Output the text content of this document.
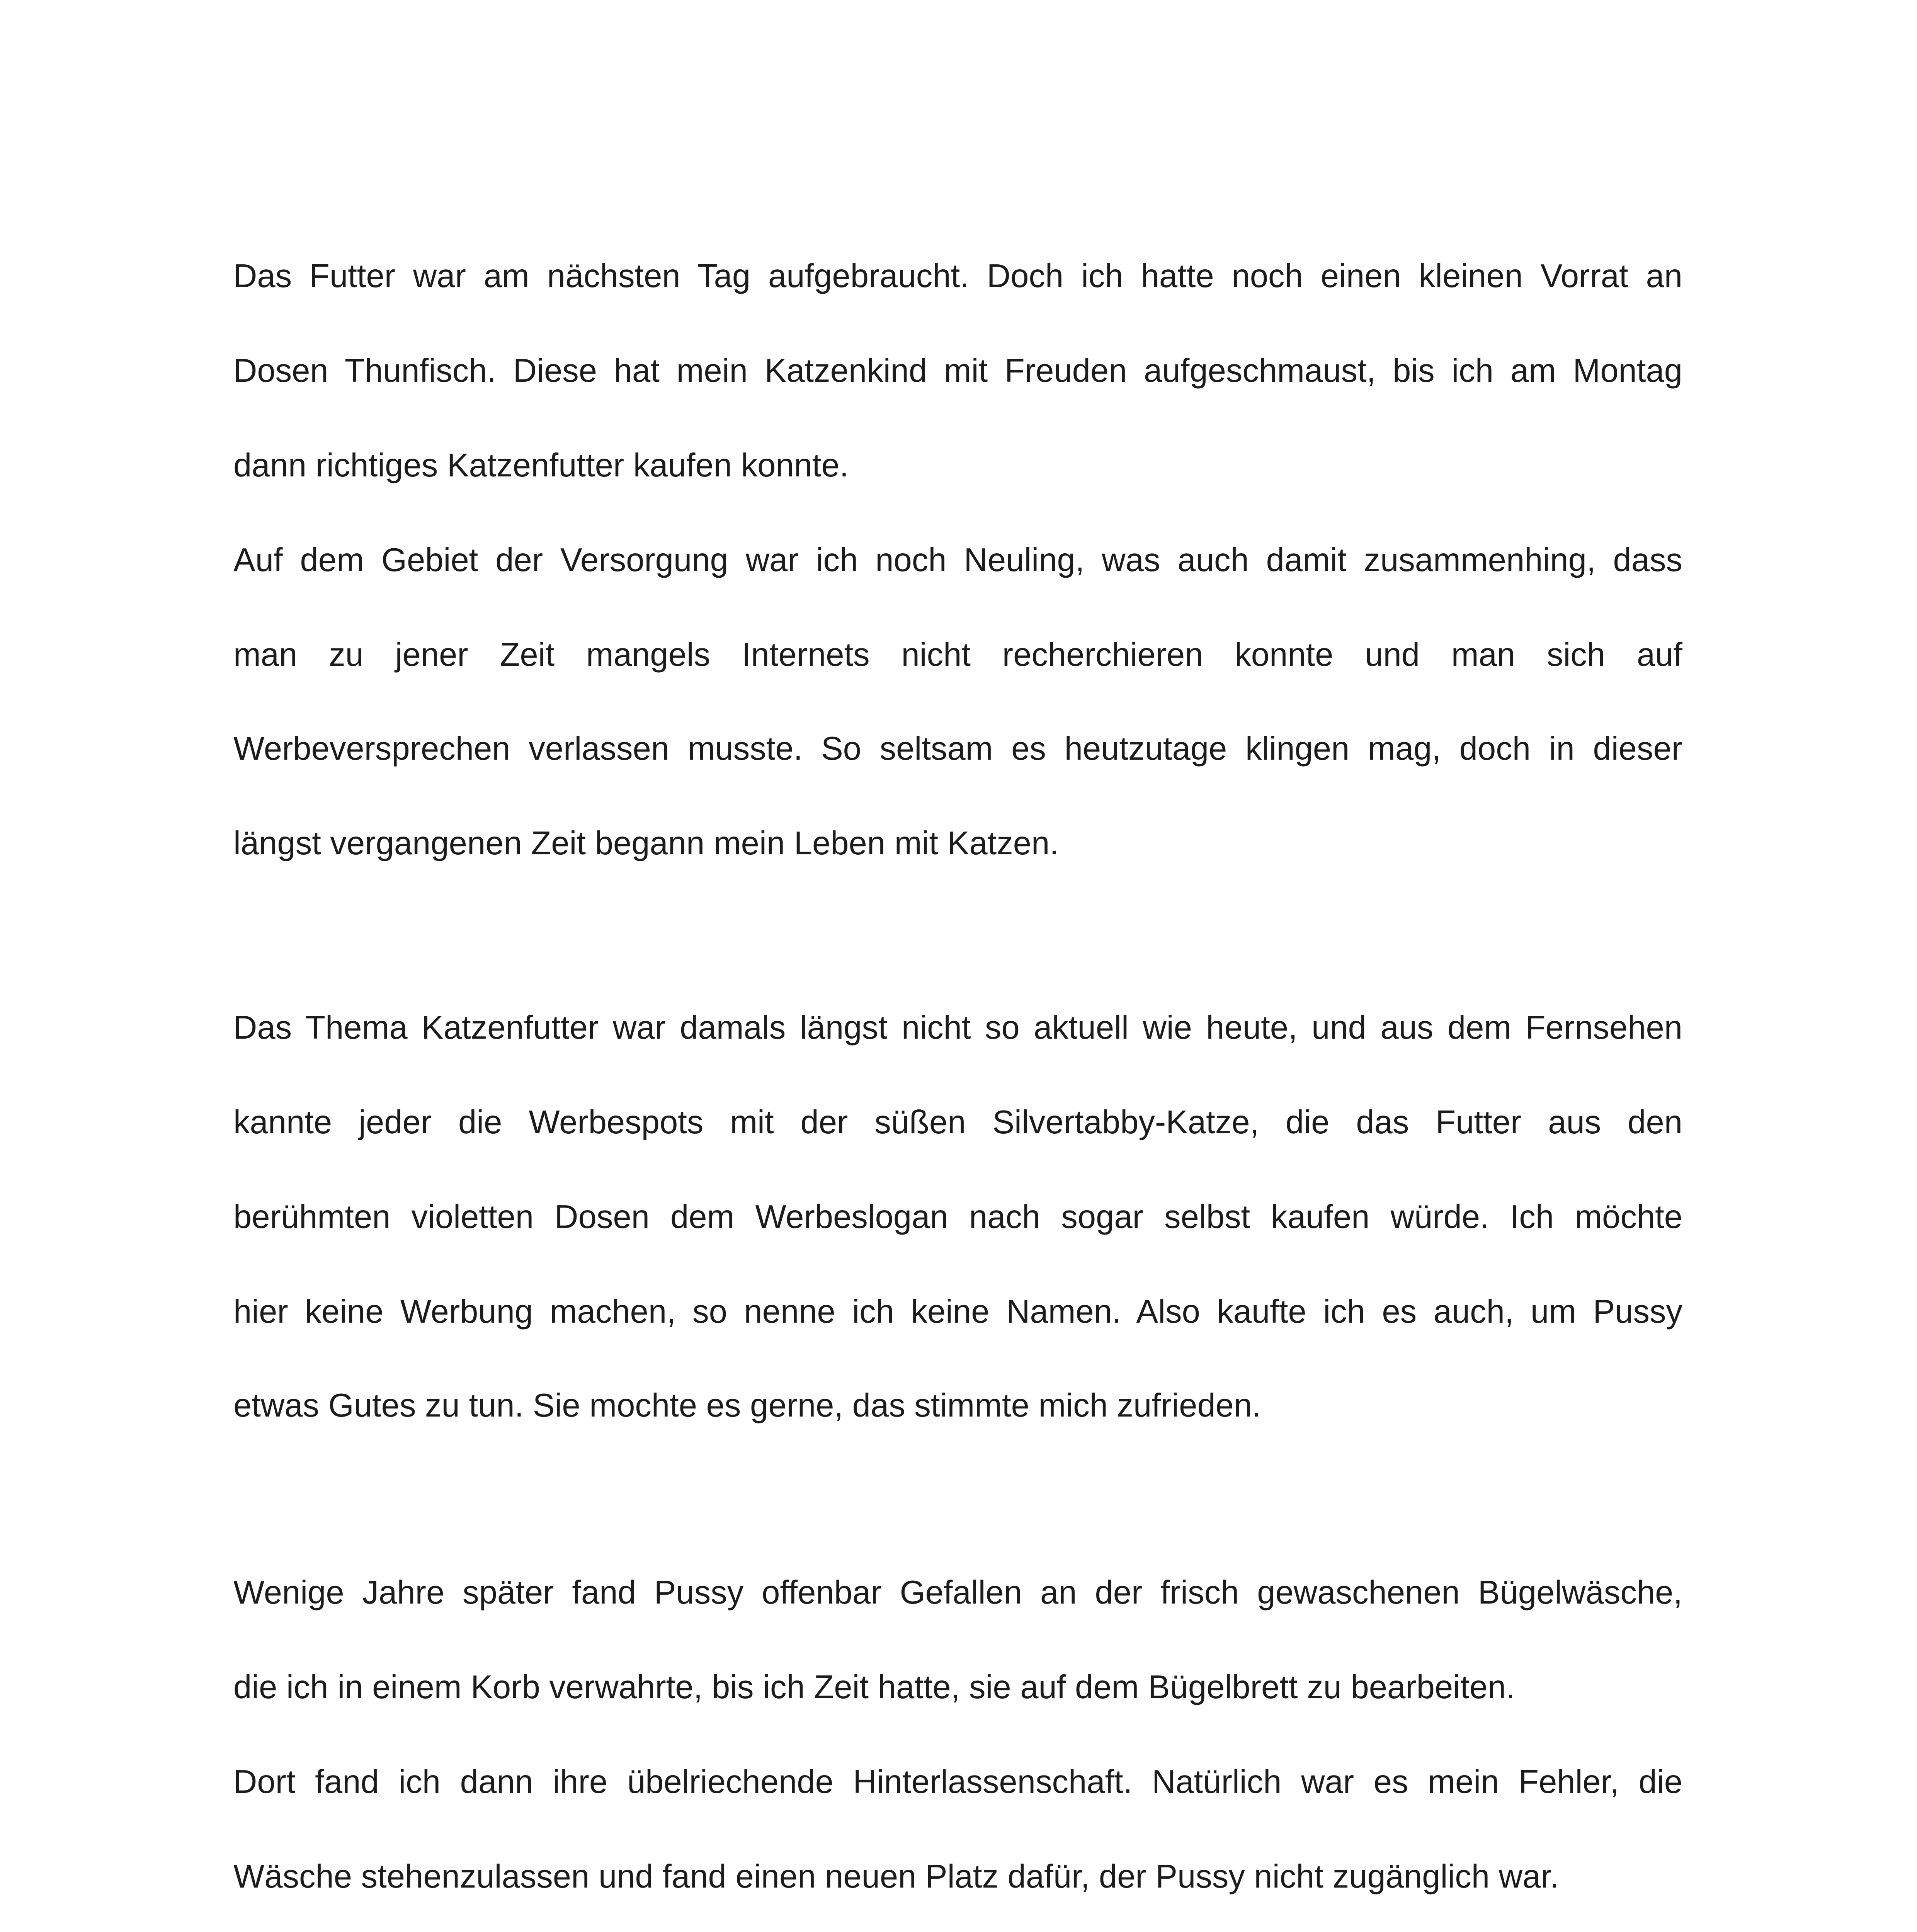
Das Futter war am nächsten Tag aufgebraucht. Doch ich hatte noch einen kleinen Vorrat an
Dosen Thunfisch. Diese hat mein Katzenkind mit Freuden aufgeschmaust, bis ich am Montag
dann richtiges Katzenfutter kaufen konnte.
Auf dem Gebiet der Versorgung war ich noch Neuling, was auch damit zusammenhing, dass
man zu jener Zeit mangels Internets nicht recherchieren konnte und man sich auf
Werbeversprechen verlassen musste. So seltsam es heutzutage klingen mag, doch in dieser
längst vergangenen Zeit begann mein Leben mit Katzen.
Das Thema Katzenfutter war damals längst nicht so aktuell wie heute, und aus dem Fernsehen
kannte jeder die Werbespots mit der süßen Silvertabby-Katze, die das Futter aus den
berühmten violetten Dosen dem Werbeslogan nach sogar selbst kaufen würde. Ich möchte
hier keine Werbung machen, so nenne ich keine Namen. Also kaufte ich es auch, um Pussy
etwas Gutes zu tun. Sie mochte es gerne, das stimmte mich zufrieden.
Wenige Jahre später fand Pussy offenbar Gefallen an der frisch gewaschenen Bügelwäsche,
die ich in einem Korb verwahrte, bis ich Zeit hatte, sie auf dem Bügelbrett zu bearbeiten.
Dort fand ich dann ihre übelriechende Hinterlassenschaft. Natürlich war es mein Fehler, die
Wäsche stehenzulassen und fand einen neuen Platz dafür, der Pussy nicht zugänglich war.
